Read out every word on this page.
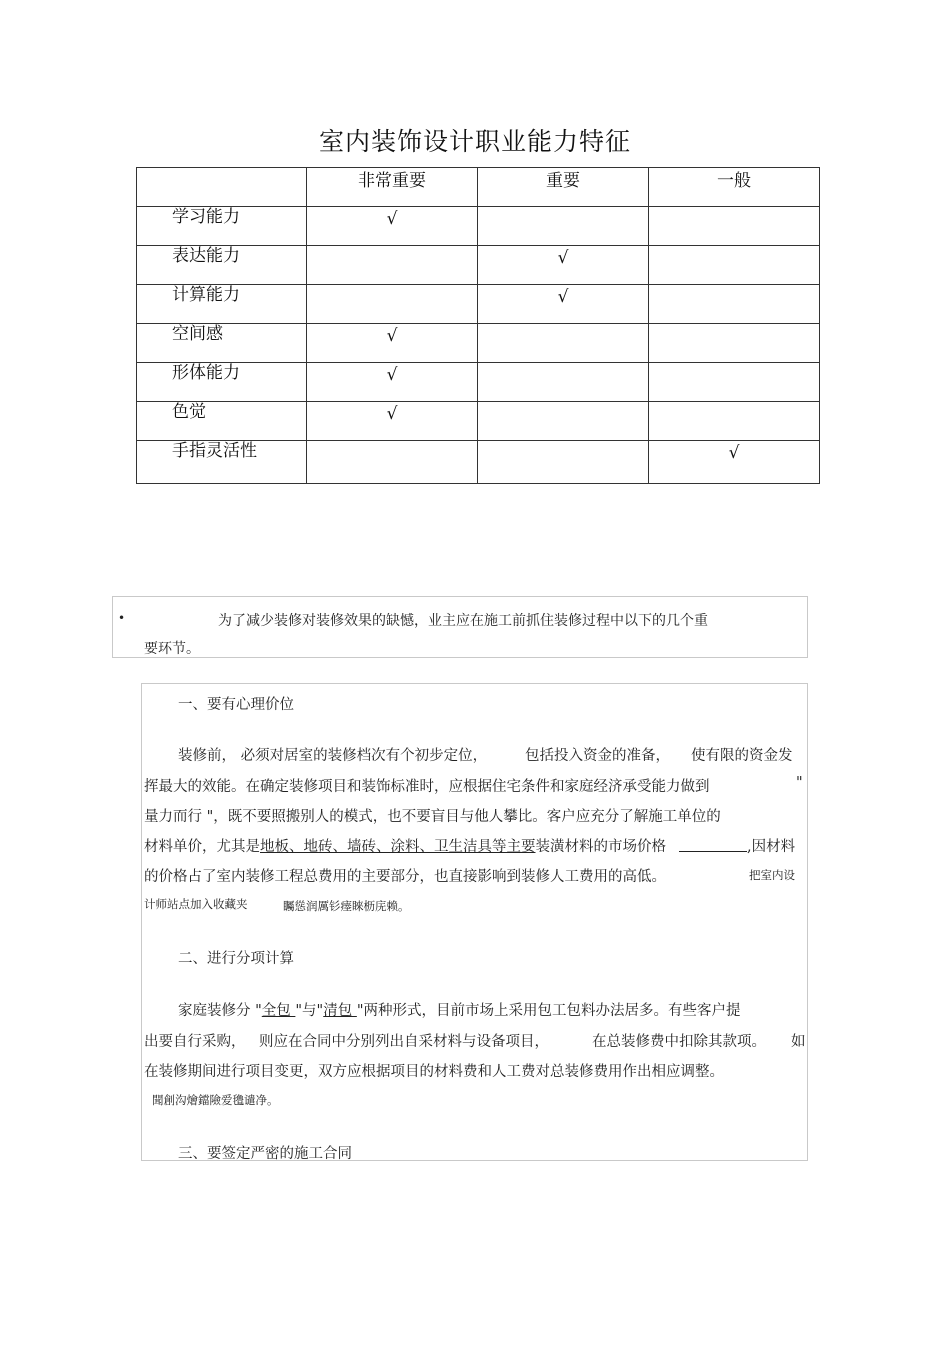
室内装饰设计职业能力特征
	非常重要	重要	一般
学习能力	√		
表达能力		√	
计算能力		√	
空间感	√		
形体能力	√		
色觉	√		
手指灵活性			√
•	为了减少装修对装修效果的缺憾，业主应在施工前抓住装修过程中以下的几个重
要环节。
一、要有心理价位
装修前， 必须对居室的装修档次有个初步定位，	包括投入资金的准备， 使有限的资金发
挥最大的效能。在确定装修项目和装饰标准时，应根据住宅条件和家庭经济承受能力做到	"
量力而行 "，既不要照搬别人的模式，也不要盲目与他人攀比。客户应充分了解施工单位的
材料单价，尤其是地板、地砖、墙砖、涂料、卫生洁具等主要装潢材料的市场价格	,因材料
的价格占了室内装修工程总费用的主要部分，也直接影响到装修人工费用的高低。	把室内设
计师站点加入收藏夹	矚慫润厲钐瘗睞枥庑赖。
二、进行分项计算
家庭装修分 "全包 "与"清包 "两种形式，目前市场上采用包工包料办法居多。有些客户提
出要自行采购， 则应在合同中分别列出自采材料与设备项目，	在总装修费中扣除其款项。 如
在装修期间进行项目变更，双方应根据项目的材料费和人工费对总装修费用作出相应调整。
聞創沟燴鐺險爱氇谴净。
三、要签定严密的施工合同
